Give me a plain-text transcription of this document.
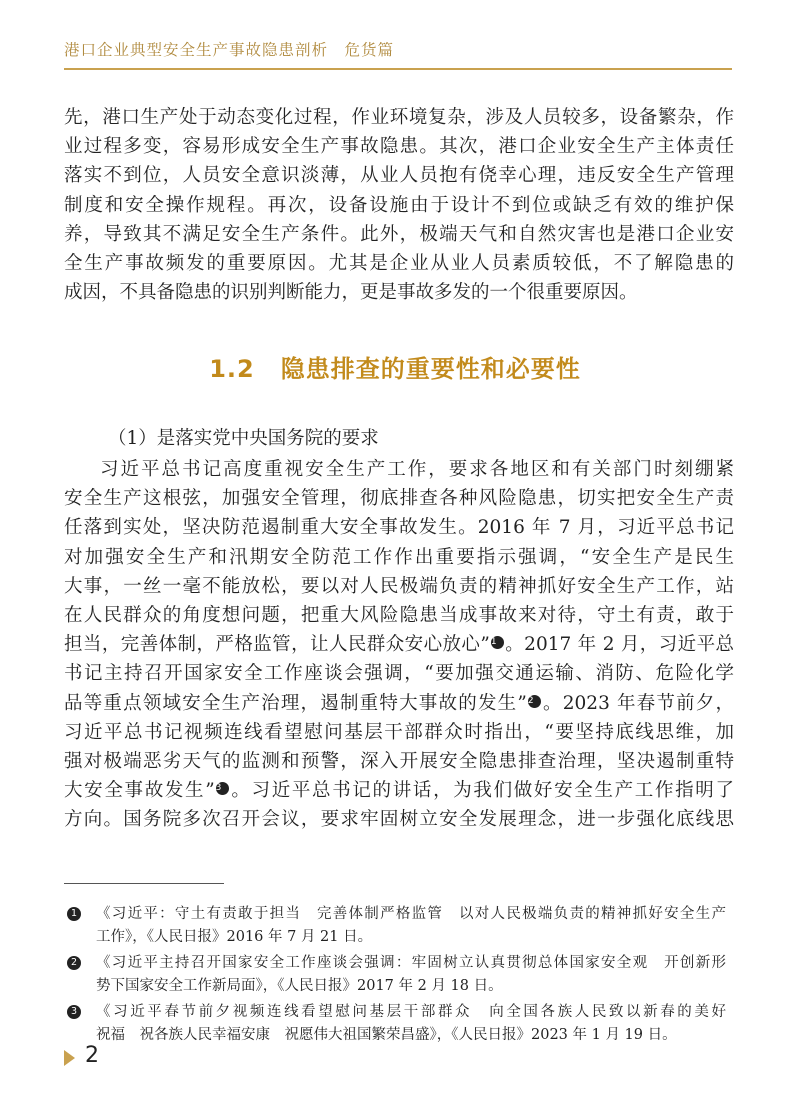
港口企业典型安全生产事故隐患剖析　危货篇
先，港口生产处于动态变化过程，作业环境复杂，涉及人员较多，设备繁杂，作
业过程多变，容易形成安全生产事故隐患。其次，港口企业安全生产主体责任
落实不到位，人员安全意识淡薄，从业人员抱有侥幸心理，违反安全生产管理
制度和安全操作规程。再次，设备设施由于设计不到位或缺乏有效的维护保
养，导致其不满足安全生产条件。此外，极端天气和自然灾害也是港口企业安
全生产事故频发的重要原因。尤其是企业从业人员素质较低，不了解隐患的
成因，不具备隐患的识别判断能力，更是事故多发的一个很重要原因。
1.2 隐患排查的重要性和必要性
（1）是落实党中央国务院的要求
习近平总书记高度重视安全生产工作，要求各地区和有关部门时刻绷紧
安全生产这根弦，加强安全管理，彻底排查各种风险隐患，切实把安全生产责
任落到实处，坚决防范遏制重大安全事故发生。2016 年 7 月，习近平总书记
对加强安全生产和汛期安全防范工作作出重要指示强调，“安全生产是民生
大事，一丝一毫不能放松，要以对人民极端负责的精神抓好安全生产工作，站
在人民群众的角度想问题，把重大风险隐患当成事故来对待，守土有责，敢于
担当，完善体制，严格监管，让人民群众安心放心”1 。2017 年 2 月，习近平总
书记主持召开国家安全工作座谈会强调，“要加强交通运输、消防、危险化学
品等重点领域安全生产治理，遏制重特大事故的发生”2 。2023 年春节前夕，
习近平总书记视频连线看望慰问基层干部群众时指出，“要坚持底线思维，加
强对极端恶劣天气的监测和预警，深入开展安全隐患排查治理，坚决遏制重特
大安全事故发生”3 。习近平总书记的讲话，为我们做好安全生产工作指明了
方向。国务院多次召开会议，要求牢固树立安全发展理念，进一步强化底线思
1 《习近平：守土有责敢于担当　完善体制严格监管　以对人民极端负责的精神抓好安全生产
工作》，《人民日报》2016 年 7 月 21 日。
2 《习近平主持召开国家安全工作座谈会强调：牢固树立认真贯彻总体国家安全观　开创新形
势下国家安全工作新局面》，《人民日报》2017 年 2 月 18 日。
3 《习近平春节前夕视频连线看望慰问基层干部群众　向全国各族人民致以新春的美好
祝福　祝各族人民幸福安康　祝愿伟大祖国繁荣昌盛》，《人民日报》2023 年 1 月 19 日。
2
